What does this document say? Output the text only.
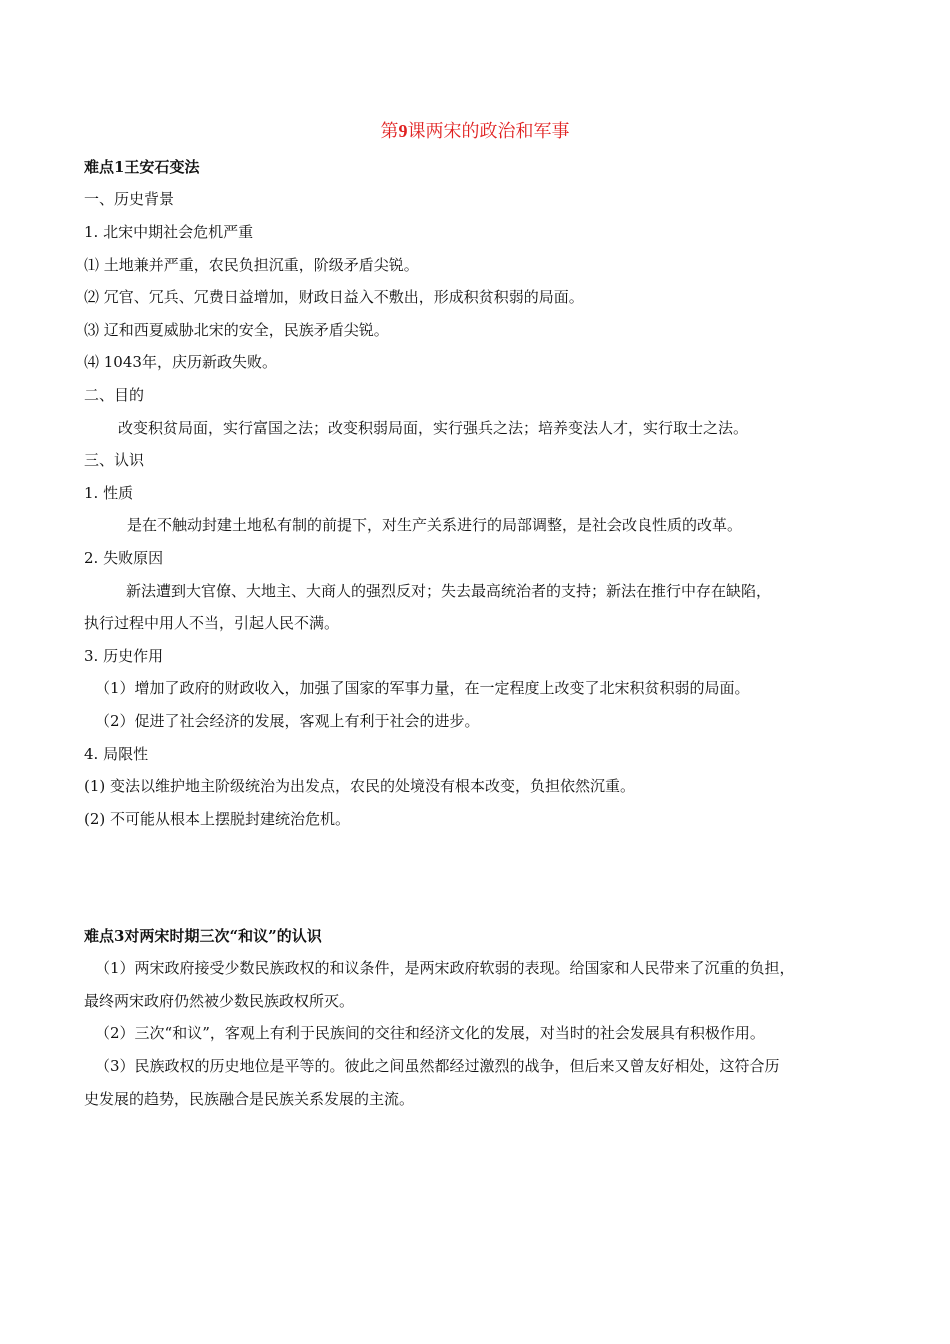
第9课两宋的政治和军事
难点1王安石变法
一、历史背景
1. 北宋中期社会危机严重
⑴ 土地兼并严重，农民负担沉重，阶级矛盾尖锐。
⑵ 冗官、冗兵、冗费日益增加，财政日益入不敷出，形成积贫积弱的局面。
⑶ 辽和西夏威胁北宋的安全，民族矛盾尖锐。
⑷ 1043年，庆历新政失败。
二、目的
改变积贫局面，实行富国之法；改变积弱局面，实行强兵之法；培养变法人才，实行取士之法。
三、认识
1. 性质
是在不触动封建土地私有制的前提下，对生产关系进行的局部调整，是社会改良性质的改革。
2. 失败原因
新法遭到大官僚、大地主、大商人的强烈反对；失去最高统治者的支持；新法在推行中存在缺陷，
执行过程中用人不当，引起人民不满。
3. 历史作用
（1）增加了政府的财政收入，加强了国家的军事力量，在一定程度上改变了北宋积贫积弱的局面。
（2）促进了社会经济的发展，客观上有利于社会的进步。
4. 局限性
(1) 变法以维护地主阶级统治为出发点，农民的处境没有根本改变，负担依然沉重。
(2) 不可能从根本上摆脱封建统治危机。
难点3对两宋时期三次“和议”的认识
（1）两宋政府接受少数民族政权的和议条件，是两宋政府软弱的表现。给国家和人民带来了沉重的负担，
最终两宋政府仍然被少数民族政权所灭。
（2）三次“和议”，客观上有利于民族间的交往和经济文化的发展，对当时的社会发展具有积极作用。
（3）民族政权的历史地位是平等的。彼此之间虽然都经过激烈的战争，但后来又曾友好相处，这符合历
史发展的趋势，民族融合是民族关系发展的主流。
